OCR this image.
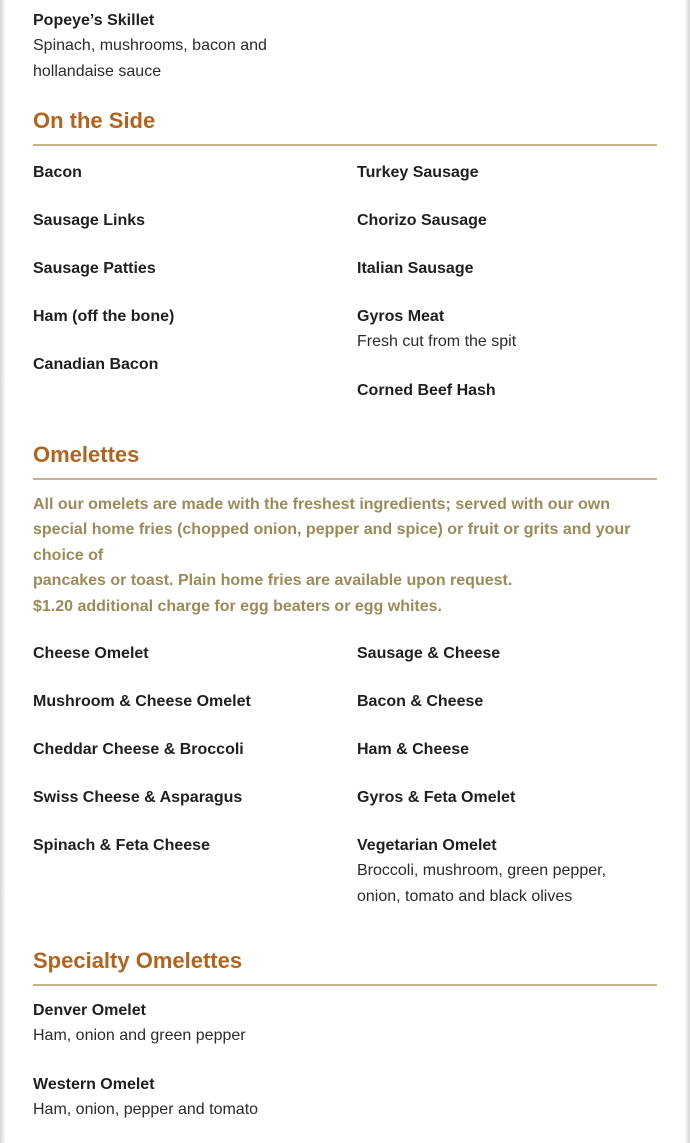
Popeye’s Skillet
Spinach, mushrooms, bacon and
hollandaise sauce
On the Side
Bacon
Sausage Links
Sausage Patties
Ham (off the bone)
Canadian Bacon
Turkey Sausage
Chorizo Sausage
Italian Sausage
Gyros Meat
Fresh cut from the spit
Corned Beef Hash
Omelettes
All our omelets are made with the freshest ingredients; served with our own
special home fries (chopped onion, pepper and spice) or fruit or grits and your
choice of
pancakes or toast. Plain home fries are available upon request.
$1.20 additional charge for egg beaters or egg whites.
Cheese Omelet
Mushroom & Cheese Omelet
Cheddar Cheese & Broccoli
Swiss Cheese & Asparagus
Spinach & Feta Cheese
Sausage & Cheese
Bacon & Cheese
Ham & Cheese
Gyros & Feta Omelet
Vegetarian Omelet
Broccoli, mushroom, green pepper,
onion, tomato and black olives
Specialty Omelettes
Denver Omelet
Ham, onion and green pepper
Western Omelet
Ham, onion, pepper and tomato
